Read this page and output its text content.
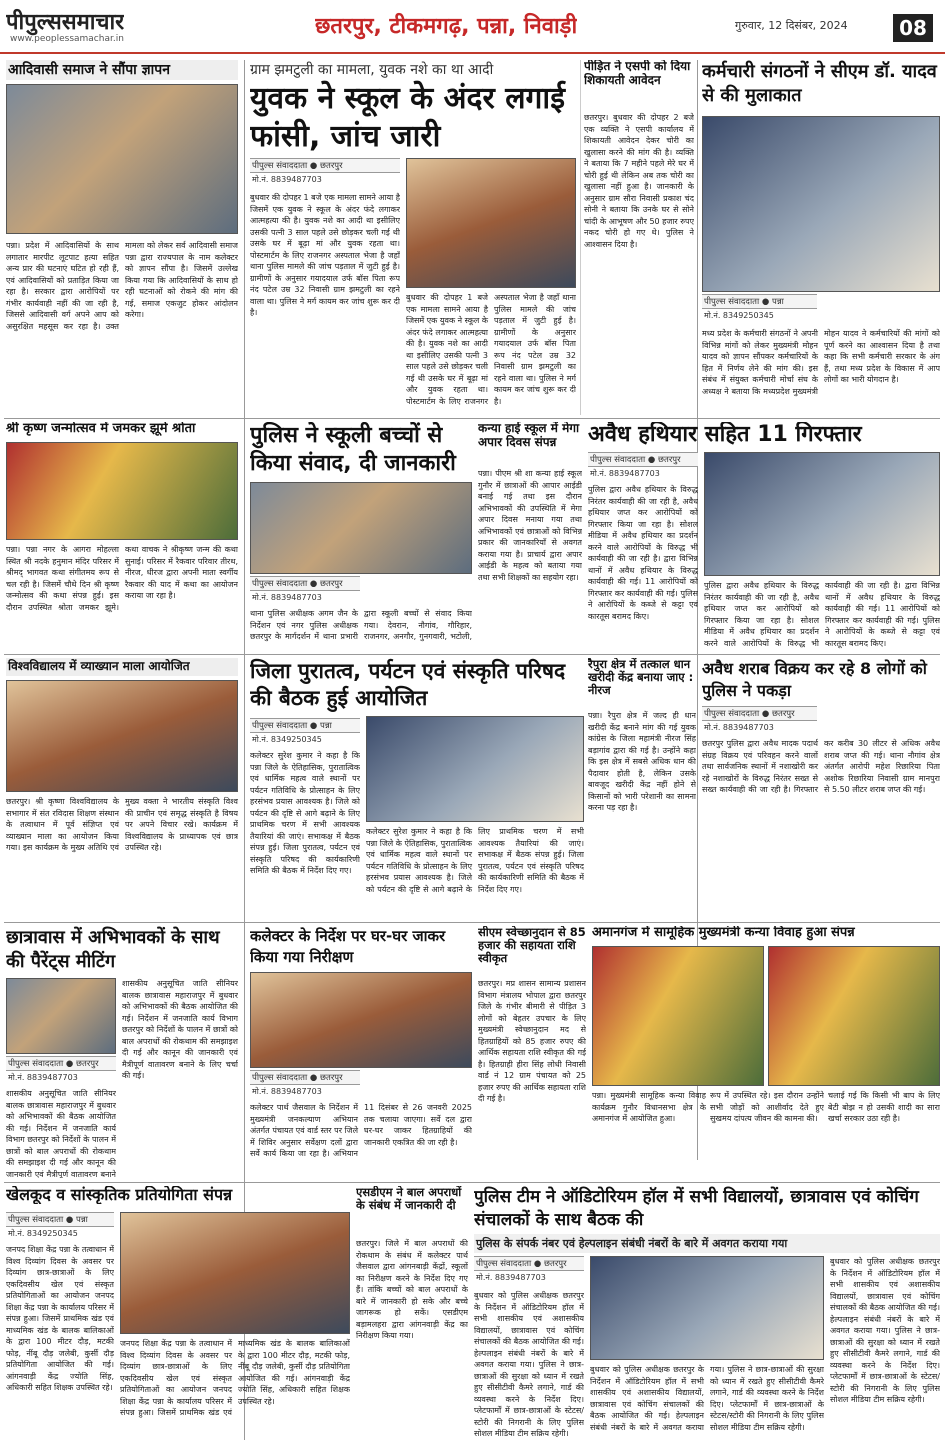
पीपुल्ससमाचार
www.peoplessamachar.in	छतरपुर, टीकमगढ़, पन्ना, निवाड़ी	गुरुवार, 12 दिसंबर, 2024	08
आदिवासी समाज ने सौंपा ज्ञापन
पन्ना। प्रदेश में आदिवासियों के साथ लगातार मारपीट लूटपाट हत्या सहित अन्य प्रार की घटनाएं घटित हो रही हैं, एवं आदिवासियों को प्रताड़ित किया जा रहा है। सरकार द्वारा आरोपियों पर गंभीर कार्यवाही नहीं की जा रही है, जिससे आदिवासी वर्ग अपने आप को असुरक्षित महसूस कर रहा है। उक्त मामला को लेकर सर्व आदिवासी समाज पन्ना द्वारा राज्यपाल के नाम कलेक्टर को ज्ञापन सौंपा है। जिसमें उल्लेख किया गया कि आदिवासियों के साथ हो रही घटनाओं को रोकने की मांग की गई, समाज एकजुट होकर आंदोलन करेगा।
ग्राम झमटुली का मामला, युवक नशे का था आदी
युवक ने स्कूल के अंदर लगाई फांसी, जांच जारी
पीपुल्स संवाददाता ● छतरपुर
मो.नं. 8839487703
बुधवार की दोपहर 1 बजे एक मामला सामने आया है जिसमें एक युवक ने स्कूल के अंदर फंदे लगाकर आत्महत्या की है। युवक नशे का आदी था इसीलिए उसकी पत्नी 3 साल पहले उसे छोड़कर चली गई थी उसके घर में बूढ़ा मां और युवक रहता था। पोस्टमार्टम के लिए राजनगर अस्पताल भेजा है जहाँ थाना पुलिस मामले की जांच पड़ताल में जुटी हुई है। ग्रामीणों के अनुसार गयादयाल उर्फ बॉस पिता रूप नंद पटेल उम्र 32 निवासी ग्राम झमटुली का रहने वाला था। पुलिस ने मर्ग कायम कर जांच शुरू कर दी है।
बुधवार की दोपहर 1 बजे एक मामला सामने आया है जिसमें एक युवक ने स्कूल के अंदर फंदे लगाकर आत्महत्या की है। युवक नशे का आदी था इसीलिए उसकी पत्नी 3 साल पहले उसे छोड़कर चली गई थी उसके घर में बूढ़ा मां और युवक रहता था। पोस्टमार्टम के लिए राजनगर अस्पताल भेजा है जहाँ थाना पुलिस मामले की जांच पड़ताल में जुटी हुई है। ग्रामीणों के अनुसार गयादयाल उर्फ बॉस पिता रूप नंद पटेल उम्र 32 निवासी ग्राम झमटुली का रहने वाला था। पुलिस ने मर्ग कायम कर जांच शुरू कर दी है।
पीड़ित ने एसपी को दिया शिकायती आवेदन
छतरपुर। बुधवार की दोपहर 2 बजे एक व्यक्ति ने एसपी कार्यालय में शिकायती आवेदन देकर चोरी का खुलासा करने की मांग की है। व्यक्ति ने बताया कि 7 महीने पहले मेरे घर में चोरी हुई थी लेकिन अब तक चोरी का खुलासा नहीं हुआ है। जानकारी के अनुसार ग्राम सौरा निवासी प्रकाश चंद सोनी ने बताया कि उनके घर से सोने चांदी के आभूषण और 50 हजार रुपए नकद चोरी हो गए थे। पुलिस ने आश्वासन दिया है।
कर्मचारी संगठनों ने सीएम डॉ. यादव से की मुलाकात
पीपुल्स संवाददाता ● पन्ना
मो.नं. 8349250345
मध्य प्रदेश के कर्मचारी संगठनों ने अपनी विभिन्न मांगों को लेकर मुख्यमंत्री मोहन यादव को ज्ञापन सौंपकर कर्मचारियों के हित में निर्णय लेने की मांग की। इस संबंध में संयुक्त कर्मचारी मोर्चा संघ के अध्यक्ष ने बताया कि मध्यप्रदेश मुख्यमंत्री मोहन यादव ने कर्मचारियों की मांगों को पूर्ण करने का आश्वासन दिया है तथा कहा कि सभी कर्मचारी सरकार के अंग हैं, तथा मध्य प्रदेश के विकास में आप लोगों का भारी योगदान है।
श्री कृष्ण जन्मोत्सव में जमकर झूमे श्रोता
पन्ना। पन्ना नगर के आगरा मोहल्ला स्थित श्री नदके हनुमान मंदिर परिसर में श्रीमद् भागवत कथा संगीतमय रूप से चल रही है। जिसमें चौथे दिन श्री कृष्ण जन्मोत्सव की कथा संपन्न हुई। इस दौरान उपस्थित श्रोता जमकर झूमे। कथा वाचक ने श्रीकृष्ण जन्म की कथा सुनाई। परिसर में रैकवार परिवार तीरथ, नीरज, धीरज द्वारा अपनी माता स्वर्गीय रैकवार की याद में कथा का आयोजन कराया जा रहा है।
पुलिस ने स्कूली बच्चों से किया संवाद, दी जानकारी
पीपुल्स संवाददाता ● छतरपुर
मो.नं. 8839487703
थाना पुलिस अधीक्षक अगम जैन के निर्देशन एवं नगर पुलिस अधीक्षक छतरपुर के मार्गदर्शन में थाना प्रभारी द्वारा स्कूली बच्चों से संवाद किया गया। देवरान, नौगांव, गौरिहार, राजनगर, अनगौर, गुनगवारी, भटोली,
कन्या हाई स्कूल में मेगा अपार दिवस संपन्न
पन्ना। पीएम श्री शा कन्या हाई स्कूल गुनौर में छात्राओं की आपार आईडी बनाई गई तथा इस दौरान अभिभावकों की उपस्थिति में मेगा अपार दिवस मनाया गया तथा अभिभावकों एवं छात्राओं को विभिन्न प्रकार की जानकारियाँ से अवगत कराया गया है। प्राचार्य द्वारा अपार आईडी के महत्व को बताया गया तथा सभी शिक्षकों का सहयोग रहा।
अवैध हथियार सहित 11 गिरफ्तार
पीपुल्स संवाददाता ● छतरपुर
मो.नं. 8839487703
पुलिस द्वारा अवैध हथियार के विरुद्ध निरंतर कार्यवाही की जा रही है, अवैध हथियार जप्त कर आरोपियों को गिरफ्तार किया जा रहा है। सोशल मीडिया में अवैध हथियार का प्रदर्शन करने वाले आरोपियों के विरुद्ध भी कार्यवाही की जा रही है। द्वारा विभिन्न थानों में अवैध हथियार के विरुद्ध कार्यवाही की गई। 11 आरोपियों को गिरफ्तार कर कार्यवाही की गई। पुलिस ने आरोपियों के कब्जे से कट्टा एवं कारतूस बरामद किए।
पुलिस द्वारा अवैध हथियार के विरुद्ध निरंतर कार्यवाही की जा रही है, अवैध हथियार जप्त कर आरोपियों को गिरफ्तार किया जा रहा है। सोशल मीडिया में अवैध हथियार का प्रदर्शन करने वाले आरोपियों के विरुद्ध भी कार्यवाही की जा रही है। द्वारा विभिन्न थानों में अवैध हथियार के विरुद्ध कार्यवाही की गई। 11 आरोपियों को गिरफ्तार कर कार्यवाही की गई। पुलिस ने आरोपियों के कब्जे से कट्टा एवं कारतूस बरामद किए।
विश्वविद्यालय में व्याख्यान माला आयोजित
छतरपुर। श्री कृष्णा विश्वविद्यालय के सभागार में संत रविदास शिक्षण संस्थान के तत्वाधान में पूर्व संज्ञिप्त एवं व्याख्यान माला का आयोजन किया गया। इस कार्यक्रम के मुख्य अतिथि एवं मुख्य वक्ता ने भारतीय संस्कृति विश्व की प्राचीन एवं समृद्ध संस्कृति है विषय पर अपने विचार रखे। कार्यक्रम में विश्वविद्यालय के प्राध्यापक एवं छात्र उपस्थित रहे।
जिला पुरातत्व, पर्यटन एवं संस्कृति परिषद की बैठक हुई आयोजित
पीपुल्स संवाददाता ● पन्ना
मो.नं. 8349250345
कलेक्टर सुरेश कुमार ने कहा है कि पन्ना जिले के ऐतिहासिक, पुरातात्विक एवं धार्मिक महत्व वाले स्थानों पर पर्यटन गतिविधि के प्रोत्साहन के लिए हरसंभव प्रयास आवश्यक है। जिले को पर्यटन की दृष्टि से आगे बढ़ाने के लिए प्राथमिक चरण में सभी आवश्यक तैयारियां की जाएं। सभाकक्ष में बैठक संपन्न हुई। जिला पुरातत्व, पर्यटन एवं संस्कृति परिषद की कार्यकारिणी समिति की बैठक में निर्देश दिए गए।
कलेक्टर सुरेश कुमार ने कहा है कि पन्ना जिले के ऐतिहासिक, पुरातात्विक एवं धार्मिक महत्व वाले स्थानों पर पर्यटन गतिविधि के प्रोत्साहन के लिए हरसंभव प्रयास आवश्यक है। जिले को पर्यटन की दृष्टि से आगे बढ़ाने के लिए प्राथमिक चरण में सभी आवश्यक तैयारियां की जाएं। सभाकक्ष में बैठक संपन्न हुई। जिला पुरातत्व, पर्यटन एवं संस्कृति परिषद की कार्यकारिणी समिति की बैठक में निर्देश दिए गए।
रैपुरा क्षेत्र में तत्काल धान खरीदी केंद्र बनाया जाए : नीरज
पन्ना। रैपुरा क्षेत्र में जल्द ही धान खरीदी केंद्र बनाने मांग की गई युवक कांग्रेस के जिला महामंत्री नीरज सिंह बड़ागांव द्वारा की गई है। उन्होंने कहा कि इस क्षेत्र में सबसे अधिक धान की पैदावार होती है, लेकिन उसके बावजूद खरीदी केंद्र नहीं होने से किसानों को भारी परेशानी का सामना करना पड़ रहा है।
अवैध शराब विक्रय कर रहे 8 लोगों को पुलिस ने पकड़ा
पीपुल्स संवाददाता ● छतरपुर
मो.नं. 8839487703
छतरपुर पुलिस द्वारा अवैध मादक पदार्थ संग्रह विक्रय एवं परिवहन करने वालों तथा सार्वजनिक स्थानों में नशाखोरी कर रहे नशाखोरों के विरुद्ध निरंतर सख्त से सख्त कार्यवाही की जा रही है। गिरफ्तार कर करीब 30 लीटर से अधिक अवैध शराब जप्त की गई। थाना नौगांव क्षेत्र अंतर्गत आरोपी महेश रिछारिया पिता अशोक रिछारिया निवासी ग्राम मानपुरा से 5.50 लीटर शराब जप्त की गई।
छात्रावास में अभिभावकों के साथ की पैरेंट्स मीटिंग
पीपुल्स संवाददाता ● छतरपुर
मो.नं. 8839487703
शासकीय अनुसूचित जाति सीनियर बालक छात्रावास महाराजपुर में बुधवार को अभिभावकों की बैठक आयोजित की गई। निर्देशन में जनजाति कार्य विभाग छतरपुर को निर्देशों के पालन में छात्रों को बाल अपराधों की रोकथाम की समझाइश दी गई और कानून की जानकारी एवं मैत्रीपूर्ण वातावरण बनाने
शासकीय अनुसूचित जाति सीनियर बालक छात्रावास महाराजपुर में बुधवार को अभिभावकों की बैठक आयोजित की गई। निर्देशन में जनजाति कार्य विभाग छतरपुर को निर्देशों के पालन में छात्रों को बाल अपराधों की रोकथाम की समझाइश दी गई और कानून की जानकारी एवं मैत्रीपूर्ण वातावरण बनाने के लिए चर्चा की गई।
कलेक्टर के निर्देश पर घर-घर जाकर किया गया निरीक्षण
पीपुल्स संवाददाता ● छतरपुर
मो.नं. 8839487703
कलेक्टर पार्थ जैसवाल के निर्देशन में मुख्यमंत्री जनकल्याण अभियान अंतर्गत पंचायत एवं वार्ड स्तर पर जिले में शिविर अनुसार सर्वेक्षण दलों द्वारा सर्वे कार्य किया जा रहा है। अभियान 11 दिसंबर से 26 जनवरी 2025 तक चलाया जाएगा। सर्वे दल द्वारा घर-घर जाकर हितग्राहियों की जानकारी एकत्रित की जा रही है।
सीएम स्वेच्छानुदान से 85 हजार की सहायता राशि स्वीकृत
छतरपुर। मप्र शासन सामान्य प्रशासन विभाग मंत्रालय भोपाल द्वारा छतरपुर जिले के गंभीर बीमारी से पीड़ित 3 लोगों को बेहतर उपचार के लिए मुख्यमंत्री स्वेच्छानुदान मद से हितग्राहियों को 85 हजार रुपए की आर्थिक सहायता राशि स्वीकृत की गई है। हितग्राही हीरा सिंह लोधी निवासी वार्ड नं 12 ग्राम पंचायत को 25 हजार रुपए की आर्थिक सहायता राशि दी गई है।
अमानगंज में सामूहिक मुख्यमंत्री कन्या विवाह हुआ संपन्न
पन्ना। मुख्यमंत्री सामूहिक कन्या विवाह कार्यक्रम गुनौर विधानसभा क्षेत्र के अमानगंज में आयोजित हुआ।
रूप में उपस्थित रहे। इस दौरान उन्होंने सभी जोड़ों को आशीर्वाद देते हुए सुखमय दांपत्य जीवन की कामना की।
चलाई गई कि किसी भी बाप के लिए बेटी बोझ न हो उसकी शादी का सारा खर्चा सरकार उठा रही है।
खेलकूद व सांस्कृतिक प्रतियोगिता संपन्न
पीपुल्स संवाददाता ● पन्ना
मो.नं. 8349250345
जनपद शिक्षा केंद्र पन्ना के तत्वाधान में विश्व दिव्यांग दिवस के अवसर पर दिव्यांग छात्र-छात्राओं के लिए एकदिवसीय खेल एवं संस्कृत प्रतियोगिताओं का आयोजन जनपद शिक्षा केंद्र पन्ना के कार्यालय परिसर में संपन्न हुआ। जिसमें प्राथमिक खंड एवं माध्यमिक खंड के बालक बालिकाओं के द्वारा 100 मीटर दौड़, मटकी फोड़, नींबू दौड़ जलेबी, कुर्सी दौड़ प्रतियोगिता आयोजित की गई। आंगनवाड़ी केंद्र ज्योति सिंह, अधिकारी सहित शिक्षक उपस्थित रहे।
जनपद शिक्षा केंद्र पन्ना के तत्वाधान में विश्व दिव्यांग दिवस के अवसर पर दिव्यांग छात्र-छात्राओं के लिए एकदिवसीय खेल एवं संस्कृत प्रतियोगिताओं का आयोजन जनपद शिक्षा केंद्र पन्ना के कार्यालय परिसर में संपन्न हुआ। जिसमें प्राथमिक खंड एवं माध्यमिक खंड के बालक बालिकाओं के द्वारा 100 मीटर दौड़, मटकी फोड़, नींबू दौड़ जलेबी, कुर्सी दौड़ प्रतियोगिता आयोजित की गई। आंगनवाड़ी केंद्र ज्योति सिंह, अधिकारी सहित शिक्षक उपस्थित रहे।
एसडीएम ने बाल अपराधों के संबंध में जानकारी दी
छतरपुर। जिले में बाल अपराधों की रोकथाम के संबंध में कलेक्टर पार्थ जैसवाल द्वारा आंगनबाड़ी केंद्रों, स्कूलों का निरीक्षण करने के निर्देश दिए गए हैं। तांकि बच्चों को बाल अपराधों के बारे में जानकारी हो सके और बच्चे जागरूक हो सकें। एसडीएम बड़ामलहरा द्वारा आंगनवाड़ी केंद्र का निरीक्षण किया गया।
पुलिस टीम ने ऑडिटोरियम हॉल में सभी विद्यालयों, छात्रावास एवं कोचिंग संचालकों के साथ बैठक की
पुलिस के संपर्क नंबर एवं हेल्पलाइन संबंधी नंबरों के बारे में अवगत कराया गया
पीपुल्स संवाददाता ● छतरपुर
मो.नं. 8839487703
बुधवार को पुलिस अधीक्षक छतरपुर के निर्देशन में ऑडिटोरियम हॉल में सभी शासकीय एवं अशासकीय विद्यालयों, छात्रावास एवं कोचिंग संचालकों की बैठक आयोजित की गई। हेल्पलाइन संबंधी नंबरों के बारे में अवगत कराया गया। पुलिस ने छात्र-छात्राओं की सुरक्षा को ध्यान में रखते हुए सीसीटीवी कैमरे लगाने, गार्ड की व्यवस्था करने के निर्देश दिए। प्लेटफार्मों में छात्र-छात्राओं के स्टेटस/स्टोरी की निगरानी के लिए पुलिस सोशल मीडिया टीम सक्रिय रहेगी।
बुधवार को पुलिस अधीक्षक छतरपुर के निर्देशन में ऑडिटोरियम हॉल में सभी शासकीय एवं अशासकीय विद्यालयों, छात्रावास एवं कोचिंग संचालकों की बैठक आयोजित की गई। हेल्पलाइन संबंधी नंबरों के बारे में अवगत कराया गया। पुलिस ने छात्र-छात्राओं की सुरक्षा को ध्यान में रखते हुए सीसीटीवी कैमरे लगाने, गार्ड की व्यवस्था करने के निर्देश दिए। प्लेटफार्मों में छात्र-छात्राओं के स्टेटस/स्टोरी की निगरानी के लिए पुलिस सोशल मीडिया टीम सक्रिय रहेगी।
बुधवार को पुलिस अधीक्षक छतरपुर के निर्देशन में ऑडिटोरियम हॉल में सभी शासकीय एवं अशासकीय विद्यालयों, छात्रावास एवं कोचिंग संचालकों की बैठक आयोजित की गई। हेल्पलाइन संबंधी नंबरों के बारे में अवगत कराया गया। पुलिस ने छात्र-छात्राओं की सुरक्षा को ध्यान में रखते हुए सीसीटीवी कैमरे लगाने, गार्ड की व्यवस्था करने के निर्देश दिए। प्लेटफार्मों में छात्र-छात्राओं के स्टेटस/स्टोरी की निगरानी के लिए पुलिस सोशल मीडिया टीम सक्रिय रहेगी।
